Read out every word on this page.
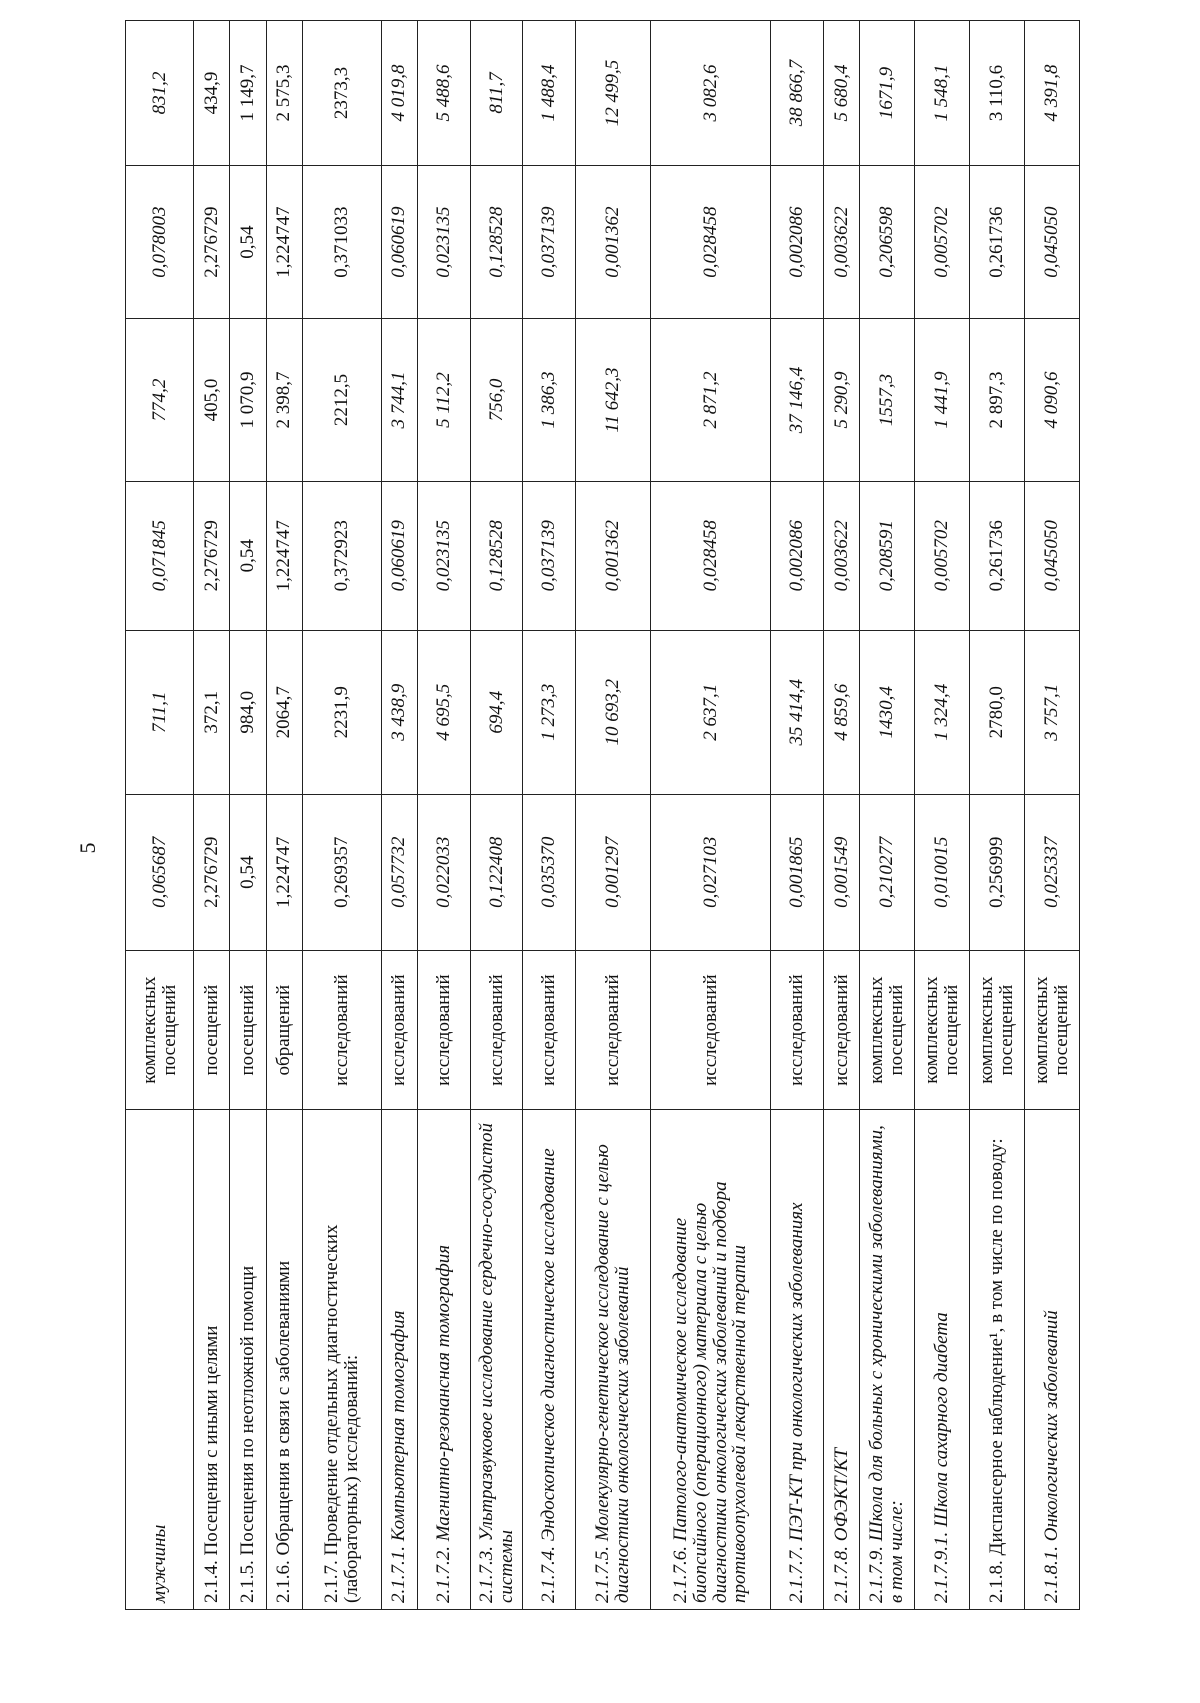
5
мужчины	комплексных посещений	0,065687	711,1	0,071845	774,2	0,078003	831,2
2.1.4. Посещения с иными целями	посещений	2,276729	372,1	2,276729	405,0	2,276729	434,9
2.1.5. Посещения по неотложной помощи	посещений	0,54	984,0	0,54	1 070,9	0,54	1 149,7
2.1.6. Обращения в связи с заболеваниями	обращений	1,224747	2064,7	1,224747	2 398,7	1,224747	2 575,3
2.1.7. Проведение отдельных диагностических (лабораторных) исследований:	исследований	0,269357	2231,9	0,372923	2212,5	0,371033	2373,3
2.1.7.1. Компьютерная томография	исследований	0,057732	3 438,9	0,060619	3 744,1	0,060619	4 019,8
2.1.7.2. Магнитно-резонансная томография	исследований	0,022033	4 695,5	0,023135	5 112,2	0,023135	5 488,6
2.1.7.3. Ультразвуковое исследование сердечно-сосудистой системы	исследований	0,122408	694,4	0,128528	756,0	0,128528	811,7
2.1.7.4. Эндоскопическое диагностическое исследование	исследований	0,035370	1 273,3	0,037139	1 386,3	0,037139	1 488,4
2.1.7.5. Молекулярно-генетическое исследование с целью диагностики онкологических заболеваний	исследований	0,001297	10 693,2	0,001362	11 642,3	0,001362	12 499,5
2.1.7.6. Патолого-анатомическое исследование биопсийного (операционного) материала с целью диагностики онкологических заболеваний и подбора противоопухолевой лекарственной терапии	исследований	0,027103	2 637,1	0,028458	2 871,2	0,028458	3 082,6
2.1.7.7. ПЭТ-КТ при онкологических заболеваниях	исследований	0,001865	35 414,4	0,002086	37 146,4	0,002086	38 866,7
2.1.7.8. ОФЭКТ/КТ	исследований	0,001549	4 859,6	0,003622	5 290,9	0,003622	5 680,4
2.1.7.9. Школа для больных с хроническими заболеваниями, в том числе:	комплексных посещений	0,210277	1430,4	0,208591	1557,3	0,206598	1671,9
2.1.7.9.1. Школа сахарного диабета	комплексных посещений	0,010015	1 324,4	0,005702	1 441,9	0,005702	1 548,1
2.1.8. Диспансерное наблюдение¹, в том числе по поводу:	комплексных посещений	0,256999	2780,0	0,261736	2 897,3	0,261736	3 110,6
2.1.8.1. Онкологических заболеваний	комплексных посещений	0,025337	3 757,1	0,045050	4 090,6	0,045050	4 391,8
